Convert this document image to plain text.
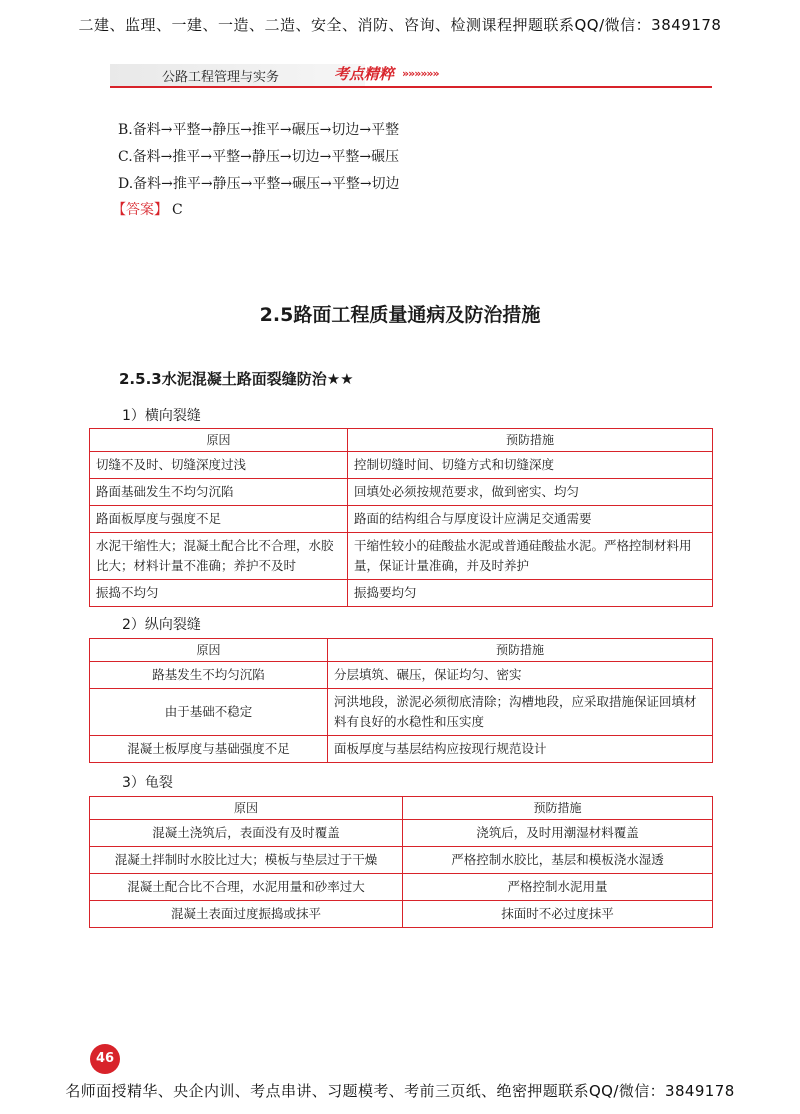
二建、监理、一建、一造、二造、安全、消防、咨询、检测课程押题联系QQ/微信：3849178
公路工程管理与实务	考点精粹 »»»»»»
B.备料→平整→静压→推平→碾压→切边→平整
C.备料→推平→平整→静压→切边→平整→碾压
D.备料→推平→静压→平整→碾压→平整→切边
【答案】 C
2.5路面工程质量通病及防治措施
2.5.3水泥混凝土路面裂缝防治★★
1）横向裂缝
原因	预防措施
切缝不及时、切缝深度过浅	控制切缝时间、切缝方式和切缝深度
路面基础发生不均匀沉陷	回填处必须按规范要求，做到密实、均匀
路面板厚度与强度不足	路面的结构组合与厚度设计应满足交通需要
水泥干缩性大；混凝土配合比不合理，水胶比大；材料计量不准确；养护不及时	干缩性较小的硅酸盐水泥或普通硅酸盐水泥。严格控制材料用量，保证计量准确，并及时养护
振捣不均匀	振捣要均匀
2）纵向裂缝
原因	预防措施
路基发生不均匀沉陷	分层填筑、碾压，保证均匀、密实
由于基础不稳定	河洪地段，淤泥必须彻底清除；沟槽地段，应采取措施保证回填材料有良好的水稳性和压实度
混凝土板厚度与基础强度不足	面板厚度与基层结构应按现行规范设计
3）龟裂
原因	预防措施
混凝土浇筑后，表面没有及时覆盖	浇筑后，及时用潮湿材料覆盖
混凝土拌制时水胶比过大；模板与垫层过于干燥	严格控制水胶比，基层和模板浇水湿透
混凝土配合比不合理，水泥用量和砂率过大	严格控制水泥用量
混凝土表面过度振捣或抹平	抹面时不必过度抹平
46
名师面授精华、央企内训、考点串讲、习题模考、考前三页纸、绝密押题联系QQ/微信：3849178
